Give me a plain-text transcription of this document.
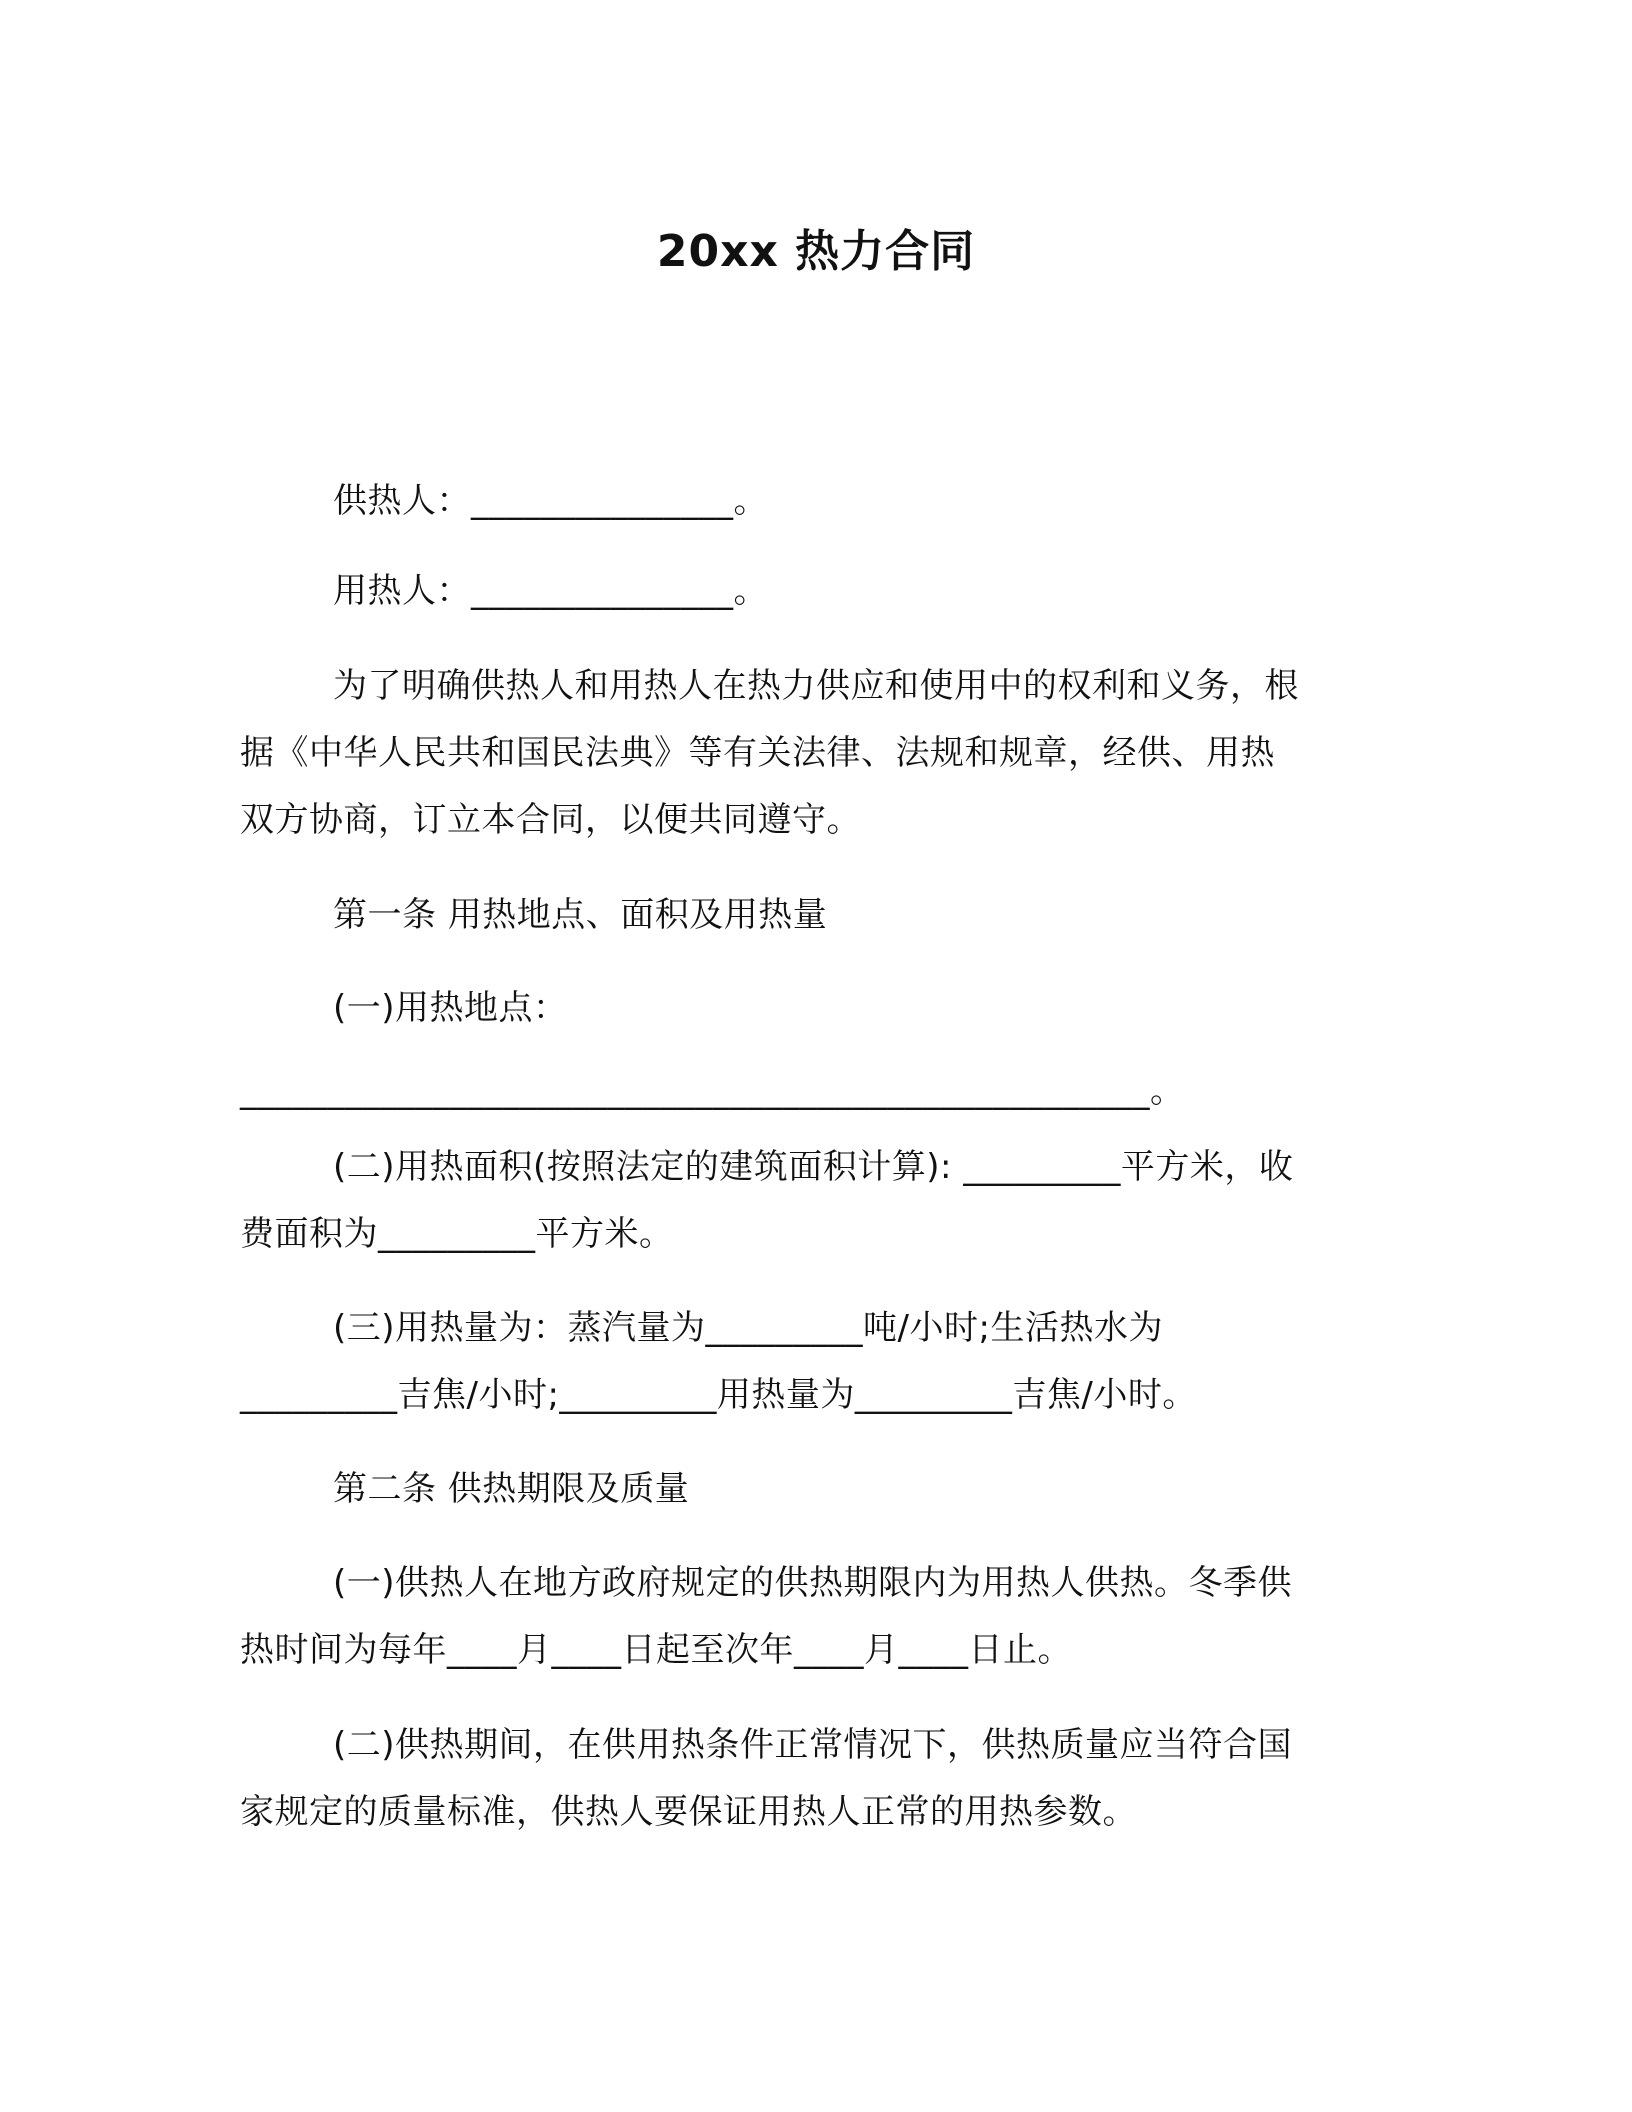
20xx 热力合同
供热人：_______________。
用热人：_______________。
为了明确供热人和用热人在热力供应和使用中的权利和义务，根
据《中华人民共和国民法典》等有关法律、法规和规章，经供、用热
双方协商，订立本合同，以便共同遵守。
第一条 用热地点、面积及用热量
(一)用热地点：
____________________________________________________。
(二)用热面积(按照法定的建筑面积计算): _________平方米，收
费面积为_________平方米。
(三)用热量为：蒸汽量为_________吨/小时;生活热水为
_________吉焦/小时;_________用热量为_________吉焦/小时。
第二条 供热期限及质量
(一)供热人在地方政府规定的供热期限内为用热人供热。冬季供
热时间为每年____月____日起至次年____月____日止。
(二)供热期间，在供用热条件正常情况下，供热质量应当符合国
家规定的质量标准，供热人要保证用热人正常的用热参数。
